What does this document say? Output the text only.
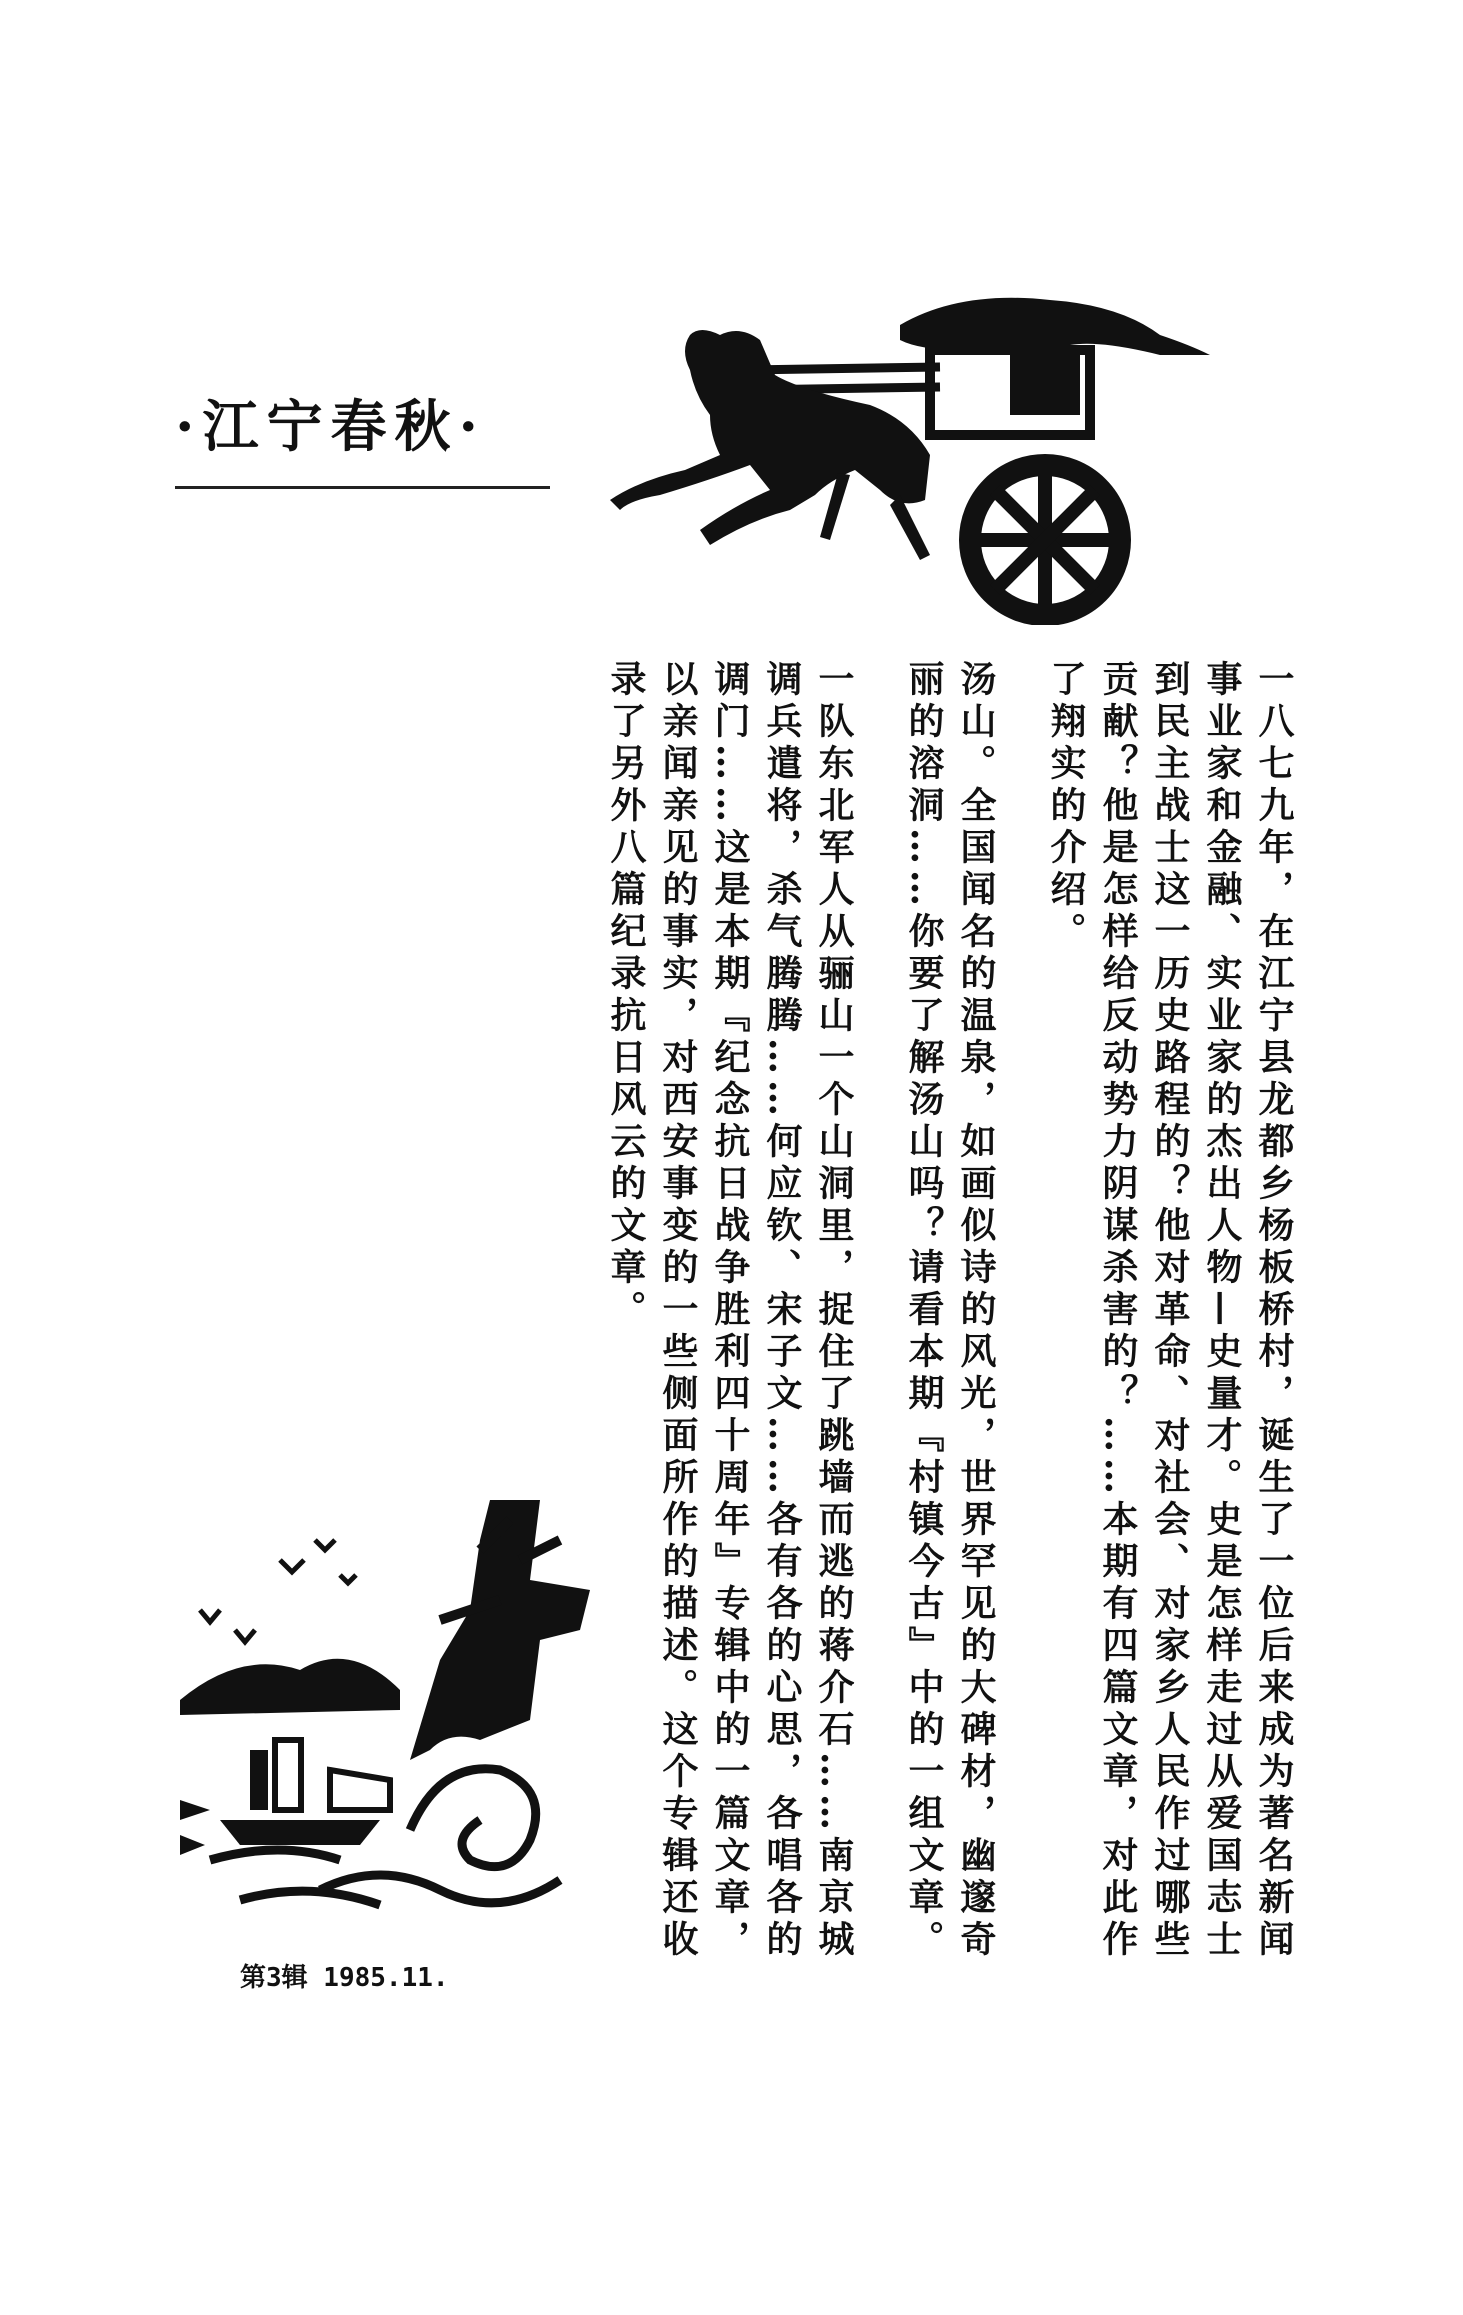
·江宁春秋·
一八七九年，在江宁县龙都乡杨板桥村，诞生了一位后来成为著名新闻事业家和金融、实业家的杰出人物—史量才。史是怎样走过从爱国志士到民主战士这一历史路程的？他对革命、对社会、对家乡人民作过哪些贡献？他是怎样给反动势力阴谋杀害的？……本期有四篇文章，对此作了翔实的介绍。
汤山。全国闻名的温泉，如画似诗的风光，世界罕见的大碑材，幽邃奇丽的溶洞……你要了解汤山吗？请看本期『村镇今古』中的一组文章。
一队东北军人从骊山一个山洞里，捉住了跳墙而逃的蒋介石……南京城调兵遣将，杀气腾腾……何应钦、宋子文……各有各的心思，各唱各的调门……这是本期『纪念抗日战争胜利四十周年』专辑中的一篇文章，以亲闻亲见的事实，对西安事变的一些侧面所作的描述。这个专辑还收录了另外八篇纪录抗日风云的文章。
第3辑 1985.11.
